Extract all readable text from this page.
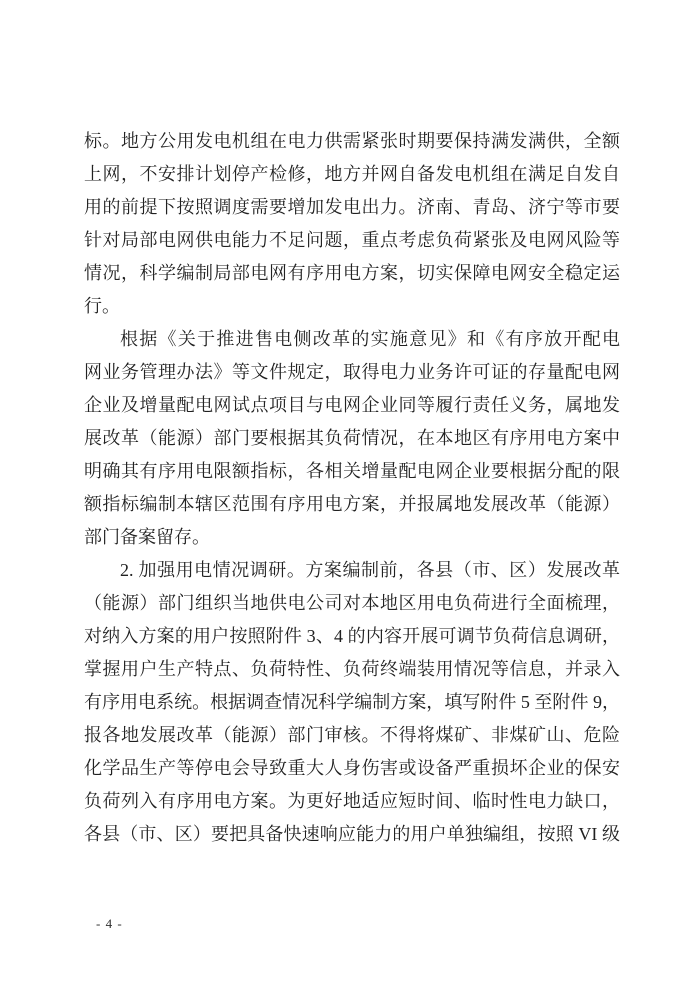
标。地方公用发电机组在电力供需紧张时期要保持满发满供，全额
上网，不安排计划停产检修，地方并网自备发电机组在满足自发自
用的前提下按照调度需要增加发电出力。济南、青岛、济宁等市要
针对局部电网供电能力不足问题，重点考虑负荷紧张及电网风险等
情况，科学编制局部电网有序用电方案，切实保障电网安全稳定运
行。
根据《关于推进售电侧改革的实施意见》和《有序放开配电
网业务管理办法》等文件规定，取得电力业务许可证的存量配电网
企业及增量配电网试点项目与电网企业同等履行责任义务，属地发
展改革（能源）部门要根据其负荷情况，在本地区有序用电方案中
明确其有序用电限额指标，各相关增量配电网企业要根据分配的限
额指标编制本辖区范围有序用电方案，并报属地发展改革（能源）
部门备案留存。
2. 加强用电情况调研。方案编制前，各县（市、区）发展改革
（能源）部门组织当地供电公司对本地区用电负荷进行全面梳理，
对纳入方案的用户按照附件 3、4 的内容开展可调节负荷信息调研，
掌握用户生产特点、负荷特性、负荷终端装用情况等信息，并录入
有序用电系统。根据调查情况科学编制方案，填写附件 5 至附件 9，
报各地发展改革（能源）部门审核。不得将煤矿、非煤矿山、危险
化学品生产等停电会导致重大人身伤害或设备严重损坏企业的保安
负荷列入有序用电方案。为更好地适应短时间、临时性电力缺口，
各县（市、区）要把具备快速响应能力的用户单独编组，按照 VI 级
- 4 -
